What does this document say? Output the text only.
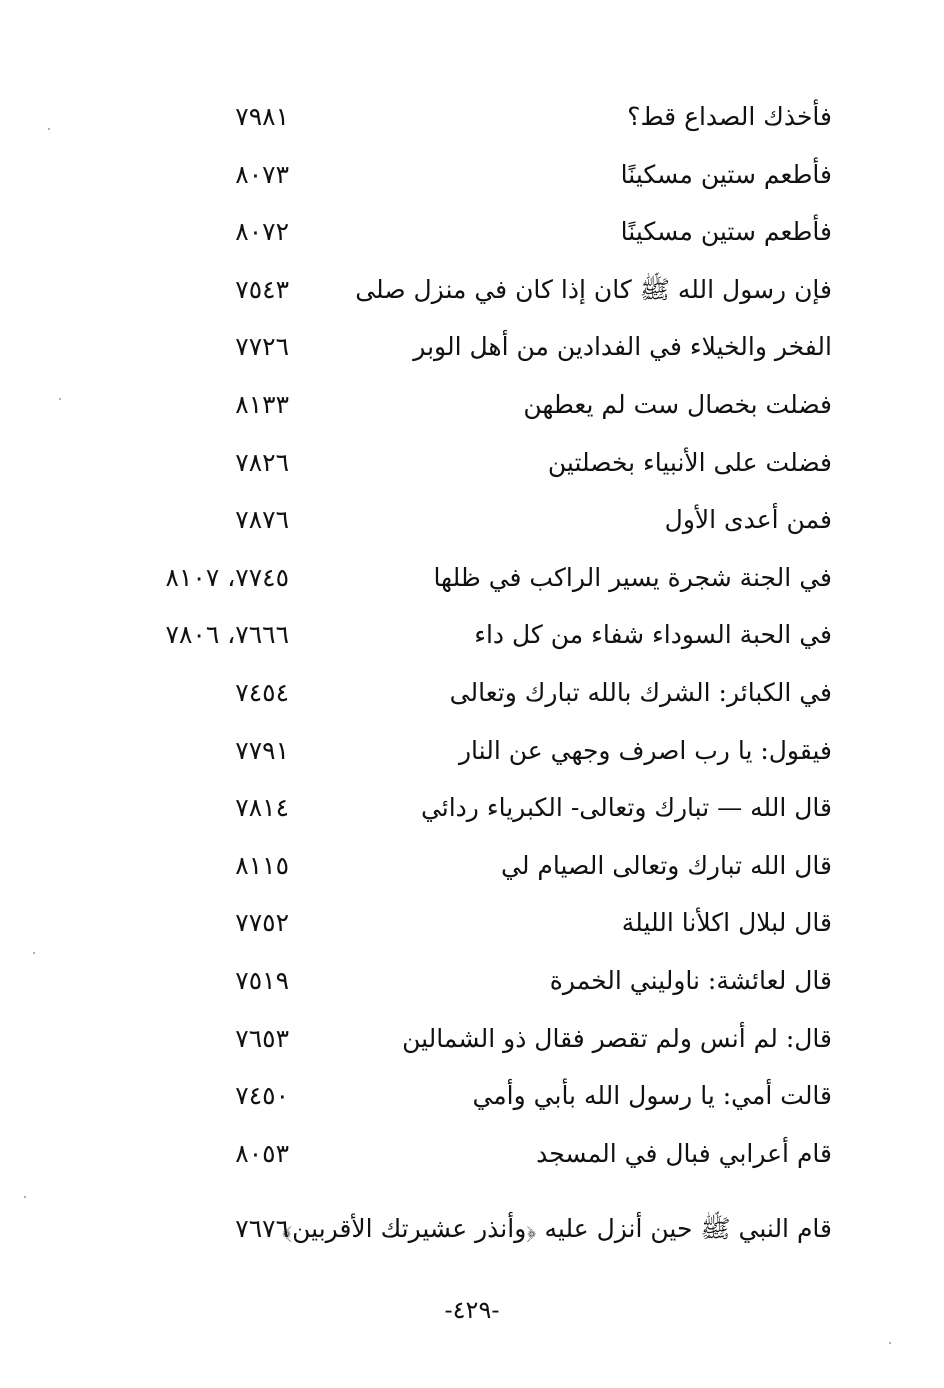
فأخذك الصداع قط؟
٧٩٨١
فأطعم ستين مسكينًا
٨٠٧٣
فأطعم ستين مسكينًا
٨٠٧٢
فإن رسول الله ﷺ كان إذا كان في منزل صلى
٧٥٤٣
الفخر والخيلاء في الفدادين من أهل الوبر
٧٧٢٦
فضلت بخصال ست لم يعطهن
٨١٣٣
فضلت على الأنبياء بخصلتين
٧٨٢٦
فمن أعدى الأول
٧٨٧٦
في الجنة شجرة يسير الراكب في ظلها
٧٧٤٥، ٨١٠٧
في الحبة السوداء شفاء من كل داء
٧٦٦٦، ٧٨٠٦
في الكبائر: الشرك بالله تبارك وتعالى
٧٤٥٤
فيقول: يا رب اصرف وجهي عن النار
٧٧٩١
قال الله — تبارك وتعالى- الكبرياء ردائي
٧٨١٤
قال الله تبارك وتعالى الصيام لي
٨١١٥
قال لبلال اكلأنا الليلة
٧٧٥٢
قال لعائشة: ناوليني الخمرة
٧٥١٩
قال: لم أنس ولم تقصر فقال ذو الشمالين
٧٦٥٣
قالت أمي: يا رسول الله بأبي وأمي
٧٤٥٠
قام أعرابي فبال في المسجد
٨٠٥٣
قام النبي ﷺ حين أنزل عليه ﴿وأنذر عشيرتك الأقربين﴾
٧٦٧٦
-٤٢٩-
